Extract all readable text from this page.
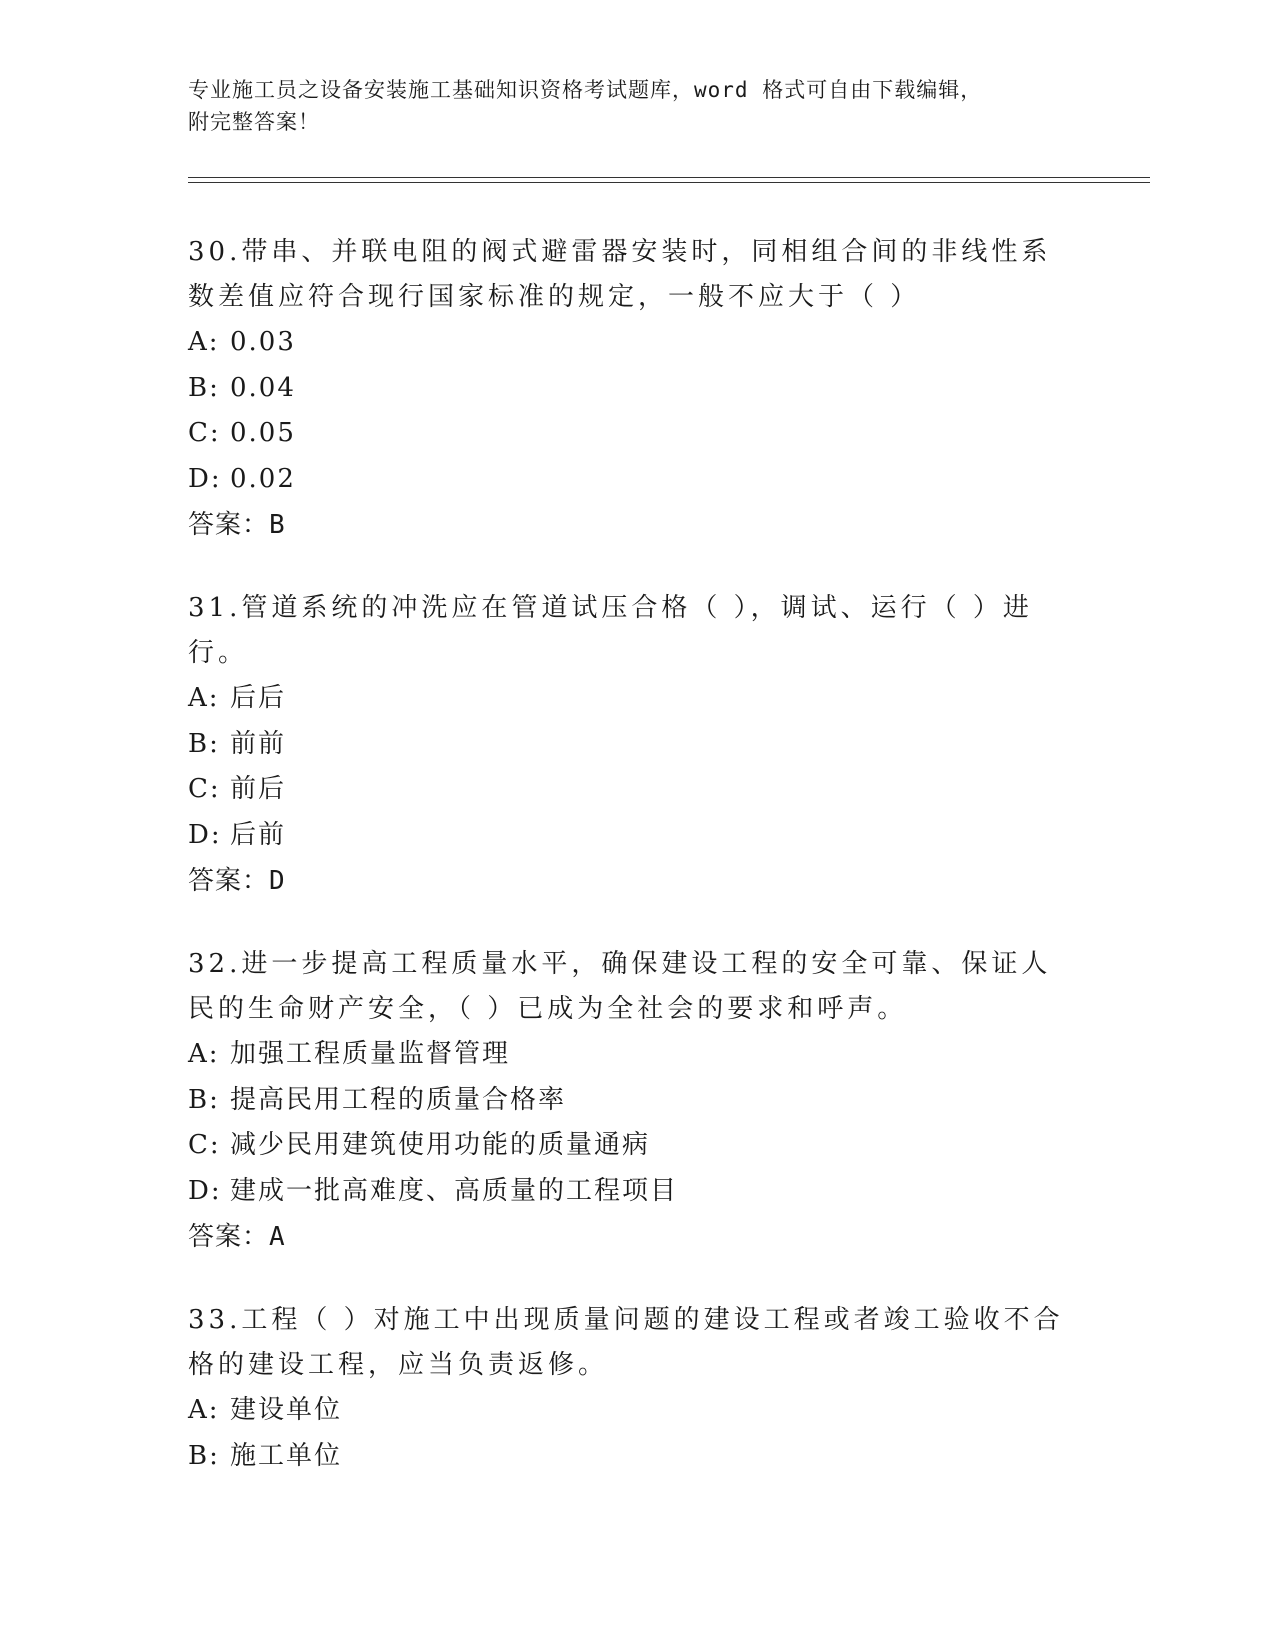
专业施工员之设备安装施工基础知识资格考试题库，word 格式可自由下载编辑，
附完整答案！
30.带串、并联电阻的阀式避雷器安装时，同相组合间的非线性系数差值应符合现行国家标准的规定，一般不应大于（ ）
A: 0.03
B: 0.04
C: 0.05
D: 0.02
答案：B
31.管道系统的冲洗应在管道试压合格（ ），调试、运行（ ）进行。
A: 后后
B: 前前
C: 前后
D: 后前
答案：D
32.进一步提高工程质量水平，确保建设工程的安全可靠、保证人民的生命财产安全，（ ）已成为全社会的要求和呼声。
A: 加强工程质量监督管理
B: 提高民用工程的质量合格率
C: 减少民用建筑使用功能的质量通病
D: 建成一批高难度、高质量的工程项目
答案：A
33.工程（ ）对施工中出现质量问题的建设工程或者竣工验收不合格的建设工程，应当负责返修。
A: 建设单位
B: 施工单位
